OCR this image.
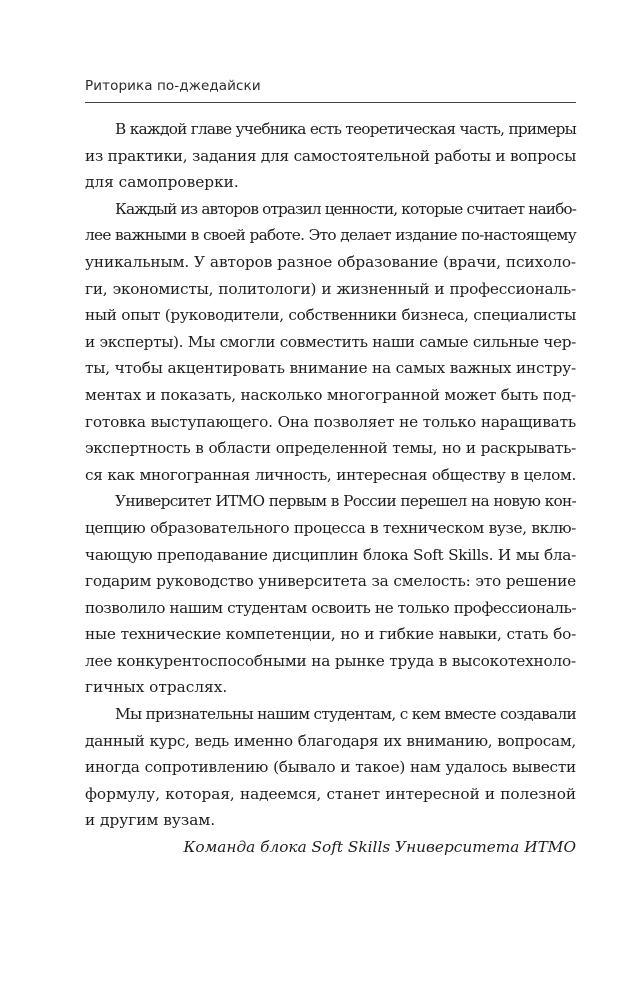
Риторика по-джедайски
В каждой главе учебника есть теоретическая часть, примеры
из практики, задания для самостоятельной работы и вопросы
для самопроверки.
Каждый из авторов отразил ценности, которые считает наибо-
лее важными в своей работе. Это делает издание по-настоящему
уникальным. У авторов разное образование (врачи, психоло-
ги, экономисты, политологи) и жизненный и профессиональ-
ный опыт (руководители, собственники бизнеса, специалисты
и эксперты). Мы смогли совместить наши самые сильные чер-
ты, чтобы акцентировать внимание на самых важных инстру-
ментах и показать, насколько многогранной может быть под-
готовка выступающего. Она позволяет не только наращивать
экспертность в области определенной темы, но и раскрывать-
ся как многогранная личность, интересная обществу в целом.
Университет ИТМО первым в России перешел на новую кон-
цепцию образовательного процесса в техническом вузе, вклю-
чающую преподавание дисциплин блока Soft Skills. И мы бла-
годарим руководство университета за смелость: это решение
позволило нашим студентам освоить не только профессиональ-
ные технические компетенции, но и гибкие навыки, стать бо-
лее конкурентоспособными на рынке труда в высокотехноло-
гичных отраслях.
Мы признательны нашим студентам, с кем вместе создавали
данный курс, ведь именно благодаря их вниманию, вопросам,
иногда сопротивлению (бывало и такое) нам удалось вывести
формулу, которая, надеемся, станет интересной и полезной
и другим вузам.
Команда блока Soft Skills Университета ИТМО
